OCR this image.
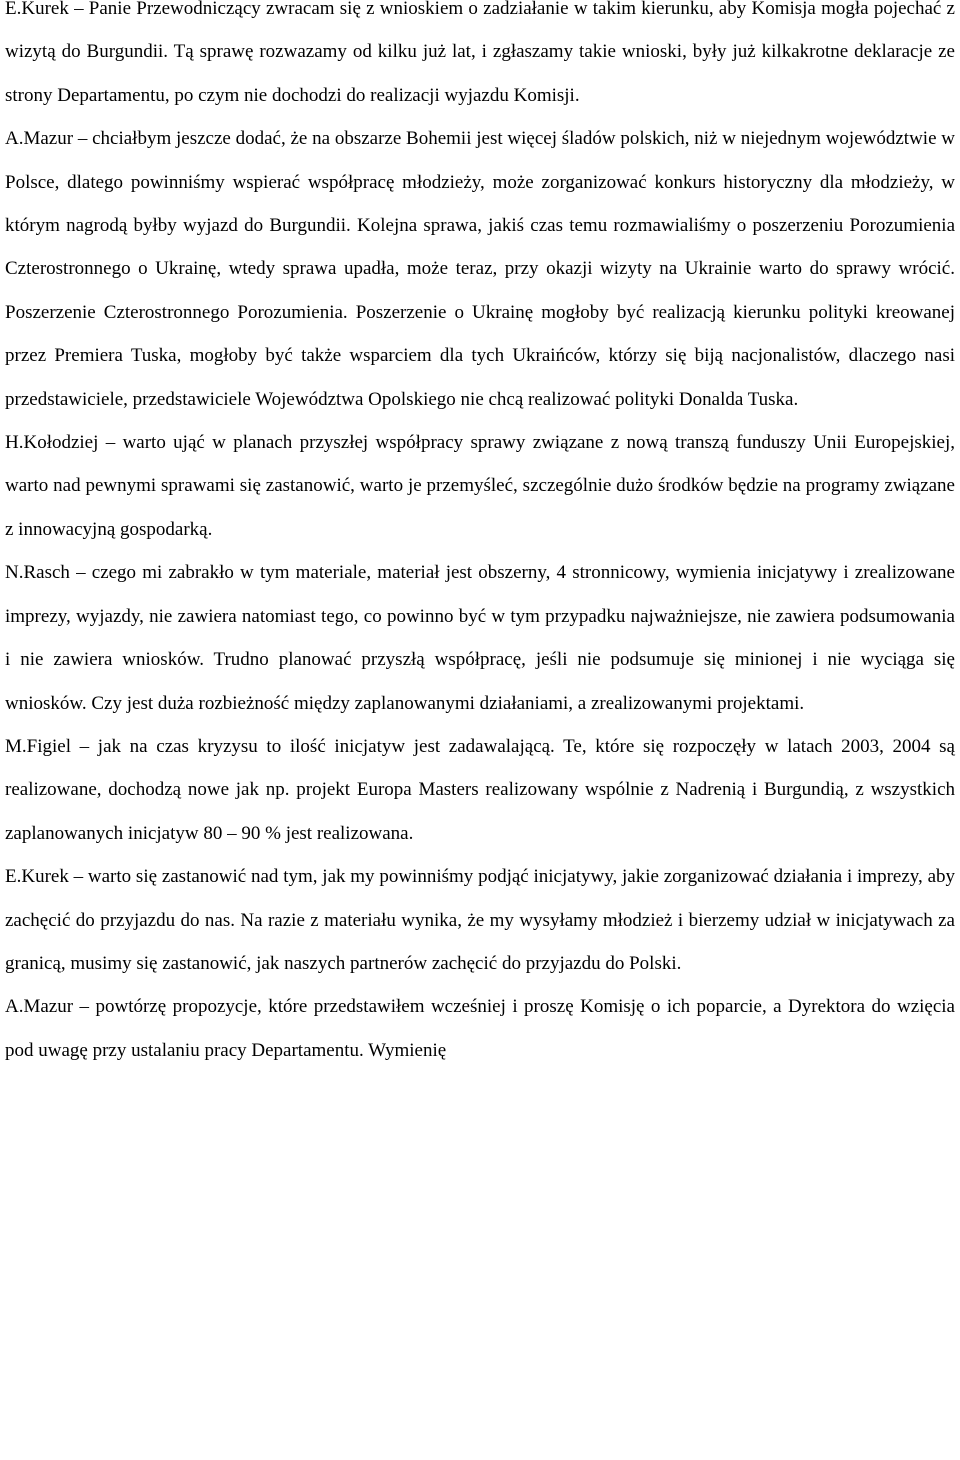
E.Kurek – Panie Przewodniczący zwracam się z wnioskiem o zadziałanie w takim kierunku, aby Komisja mogła pojechać z wizytą do Burgundii. Tą sprawę rozwazamy od kilku już lat, i zgłaszamy takie wnioski, były już kilkakrotne deklaracje ze strony Departamentu, po czym nie dochodzi do realizacji wyjazdu Komisji.

A.Mazur – chciałbym jeszcze dodać, że na obszarze Bohemii jest więcej śladów polskich, niż w niejednym województwie w Polsce, dlatego powinniśmy wspierać współpracę młodzieży, może zorganizować konkurs historyczny dla młodzieży, w którym nagrodą byłby wyjazd do Burgundii. Kolejna sprawa, jakiś czas temu rozmawialiśmy o poszerzeniu Porozumienia Czterostronnego o Ukrainę, wtedy sprawa upadła, może teraz, przy okazji wizyty na Ukrainie warto do sprawy wrócić. Poszerzenie Czterostronnego Porozumienia. Poszerzenie o Ukrainę mogłoby być realizacją kierunku polityki kreowanej przez Premiera Tuska, mogłoby być także wsparciem dla tych Ukraińców, którzy się biją nacjonalistów, dlaczego nasi przedstawiciele, przedstawiciele Województwa Opolskiego nie chcą realizować polityki Donalda Tuska.

H.Kołodziej – warto ująć w planach przyszłej współpracy sprawy związane z nową transzą funduszy Unii Europejskiej, warto nad pewnymi sprawami się zastanowić, warto je przemyśleć, szczególnie dużo środków będzie na programy związane z innowacyjną gospodarką.

N.Rasch – czego mi zabrakło w tym materiale, materiał jest obszerny, 4 stronnicowy, wymienia inicjatywy i zrealizowane imprezy, wyjazdy, nie zawiera natomiast tego, co powinno być w tym przypadku najważniejsze, nie zawiera podsumowania i nie zawiera wniosków. Trudno planować przyszłą współpracę, jeśli nie podsumuje się minionej i nie wyciąga się wniosków. Czy jest duża rozbieżność między zaplanowanymi działaniami, a zrealizowanymi projektami.

M.Figiel – jak na czas kryzysu to ilość inicjatyw jest zadawalającą. Te, które się rozpoczęły w latach 2003, 2004 są realizowane, dochodzą nowe jak np. projekt Europa Masters realizowany wspólnie z Nadrenią i Burgundią, z wszystkich zaplanowanych inicjatyw 80 – 90 % jest realizowana.

E.Kurek – warto się zastanowić nad tym, jak my powinniśmy podjąć inicjatywy, jakie zorganizować działania i imprezy, aby zachęcić do przyjazdu do nas. Na razie z materiału wynika, że my wysyłamy młodzież i bierzemy udział w inicjatywach za granicą, musimy się zastanowić, jak naszych partnerów zachęcić do przyjazdu do Polski.

A.Mazur – powtórzę propozycje, które przedstawiłem wcześniej i proszę Komisję o ich poparcie, a Dyrektora do wzięcia pod uwagę przy ustalaniu pracy Departamentu. Wymienię
